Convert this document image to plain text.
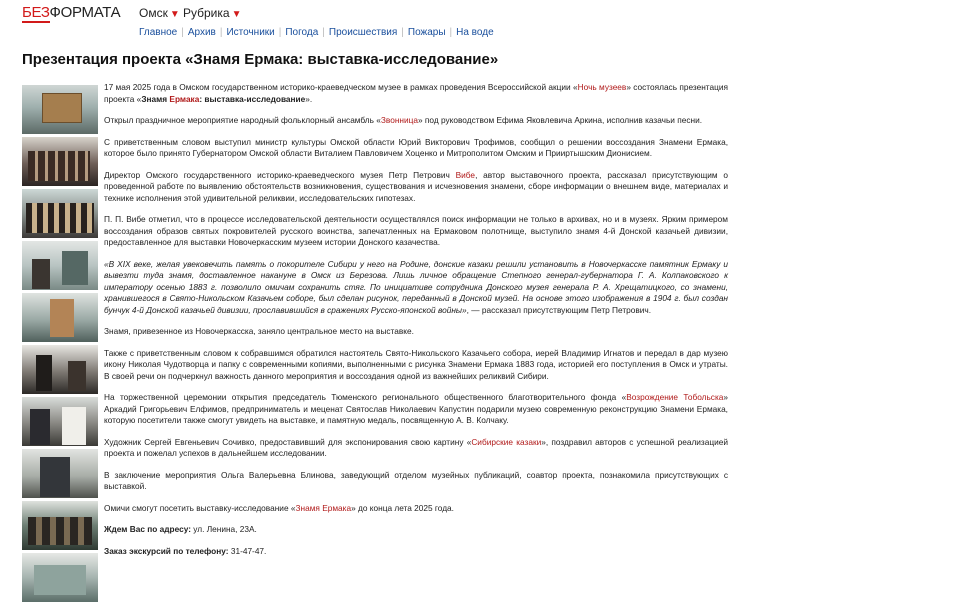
БЕЗФОРМАТА Омск ▼ Рубрика ▼
Главное | Архив | Источники | Погода | Происшествия | Пожары | На воде
Презентация проекта «Знамя Ермака: выставка-исследование»

17 мая 2025 года в Омском государственном историко-краеведческом музее в рамках проведения Всероссийской акции «Ночь музеев» состоялась презентация проекта «Знамя Ермака: выставка-исследование».

Открыл праздничное мероприятие народный фольклорный ансамбль «Звонница» под руководством Ефима Яковлевича Аркина, исполнив казачьи песни.

С приветственным словом выступил министр культуры Омской области Юрий Викторович Трофимов, сообщил о решении воссоздания Знамени Ермака, которое было принято Губернатором Омской области Виталием Павловичем Хоценко и Митрополитом Омским и Прииртышским Дионисием.

Директор Омского государственного историко-краеведческого музея Петр Петрович Вибе, автор выставочного проекта, рассказал присутствующим о проведенной работе по выявлению обстоятельств возникновения, существования и исчезновения знамени, сборе информации о внешнем виде, материалах и технике исполнения этой удивительной реликвии, исследовательских гипотезах.

П. П. Вибе отметил, что в процессе исследовательской деятельности осуществлялся поиск информации не только в архивах, но и в музеях. Ярким примером воссоздания образов святых покровителей русского воинства, запечатленных на Ермаковом полотнище, выступило знамя 4-й Донской казачьей дивизии, предоставленное для выставки Новочеркасским музеем истории Донского казачества.

«В XIX веке, желая увековечить память о покорителе Сибири у него на Родине, донские казаки решили установить в Новочеркасске памятник Ермаку и вывезти туда знамя, доставленное накануне в Омск из Березова. Лишь личное обращение Степного генерал-губернатора Г. А. Колпаковского к императору осенью 1883 г. позволило омичам сохранить стяг. По инициативе сотрудника Донского музея генерала Р. А. Хрещатицкого, со знамени, хранившегося в Свято-Никольском Казачьем соборе, был сделан рисунок, переданный в Донской музей. На основе этого изображения в 1904 г. был создан бунчук 4-й Донской казачьей дивизии, прославившийся в сражениях Русско-японской войны», — рассказал присутствующим Петр Петрович.

Знамя, привезенное из Новочеркасска, заняло центральное место на выставке.

Также с приветственным словом к собравшимся обратился настоятель Свято-Никольского Казачьего собора, иерей Владимир Игнатов и передал в дар музею икону Николая Чудотворца и папку с современными копиями, выполненными с рисунка Знамени Ермака 1883 года, историей его поступления в Омск и утраты. В своей речи он подчеркнул важность данного мероприятия и воссоздания одной из важнейших реликвий Сибири.

На торжественной церемонии открытия председатель Тюменского регионального общественного благотворительного фонда «Возрождение Тобольска» Аркадий Григорьевич Елфимов, предприниматель и меценат Святослав Николаевич Капустин подарили музею современную реконструкцию Знамени Ермака, которую посетители также смогут увидеть на выставке, и памятную медаль, посвященную А. В. Колчаку.

Художник Сергей Евгеньевич Сочивко, предоставивший для экспонирования свою картину «Сибирские казаки», поздравил авторов с успешной реализацией проекта и пожелал успехов в дальнейшем исследовании.

В заключение мероприятия Ольга Валерьевна Блинова, заведующий отделом музейных публикаций, соавтор проекта, познакомила присутствующих с выставкой.

Омичи смогут посетить выставку-исследование «Знамя Ермака» до конца лета 2025 года.

Ждем Вас по адресу: ул. Ленина, 23А.

Заказ экскурсий по телефону: 31-47-47.
